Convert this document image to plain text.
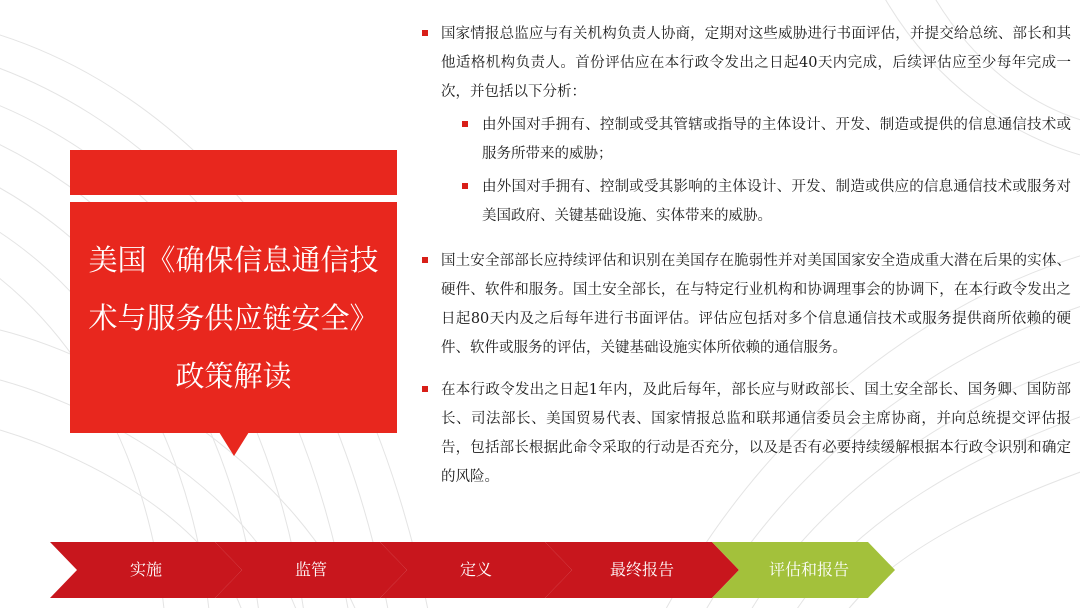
美国《确保信息通信技术与服务供应链安全》政策解读
国家情报总监应与有关机构负责人协商，定期对这些威胁进行书面评估，并提交给总统、部长和其他适格机构负责人。首份评估应在本行政令发出之日起40天内完成，后续评估应至少每年完成一次，并包括以下分析：
由外国对手拥有、控制或受其管辖或指导的主体设计、开发、制造或提供的信息通信技术或服务所带来的威胁；
由外国对手拥有、控制或受其影响的主体设计、开发、制造或供应的信息通信技术或服务对美国政府、关键基础设施、实体带来的威胁。
国土安全部部长应持续评估和识别在美国存在脆弱性并对美国国家安全造成重大潜在后果的实体、硬件、软件和服务。国土安全部长，在与特定行业机构和协调理事会的协调下，在本行政令发出之日起80天内及之后每年进行书面评估。评估应包括对多个信息通信技术或服务提供商所依赖的硬件、软件或服务的评估，关键基础设施实体所依赖的通信服务。
在本行政令发出之日起1年内，及此后每年，部长应与财政部长、国土安全部长、国务卿、国防部长、司法部长、美国贸易代表、国家情报总监和联邦通信委员会主席协商，并向总统提交评估报告，包括部长根据此命令采取的行动是否充分，以及是否有必要持续缓解根据本行政令识别和确定的风险。
实施	监管	定义	最终报告	评估和报告
